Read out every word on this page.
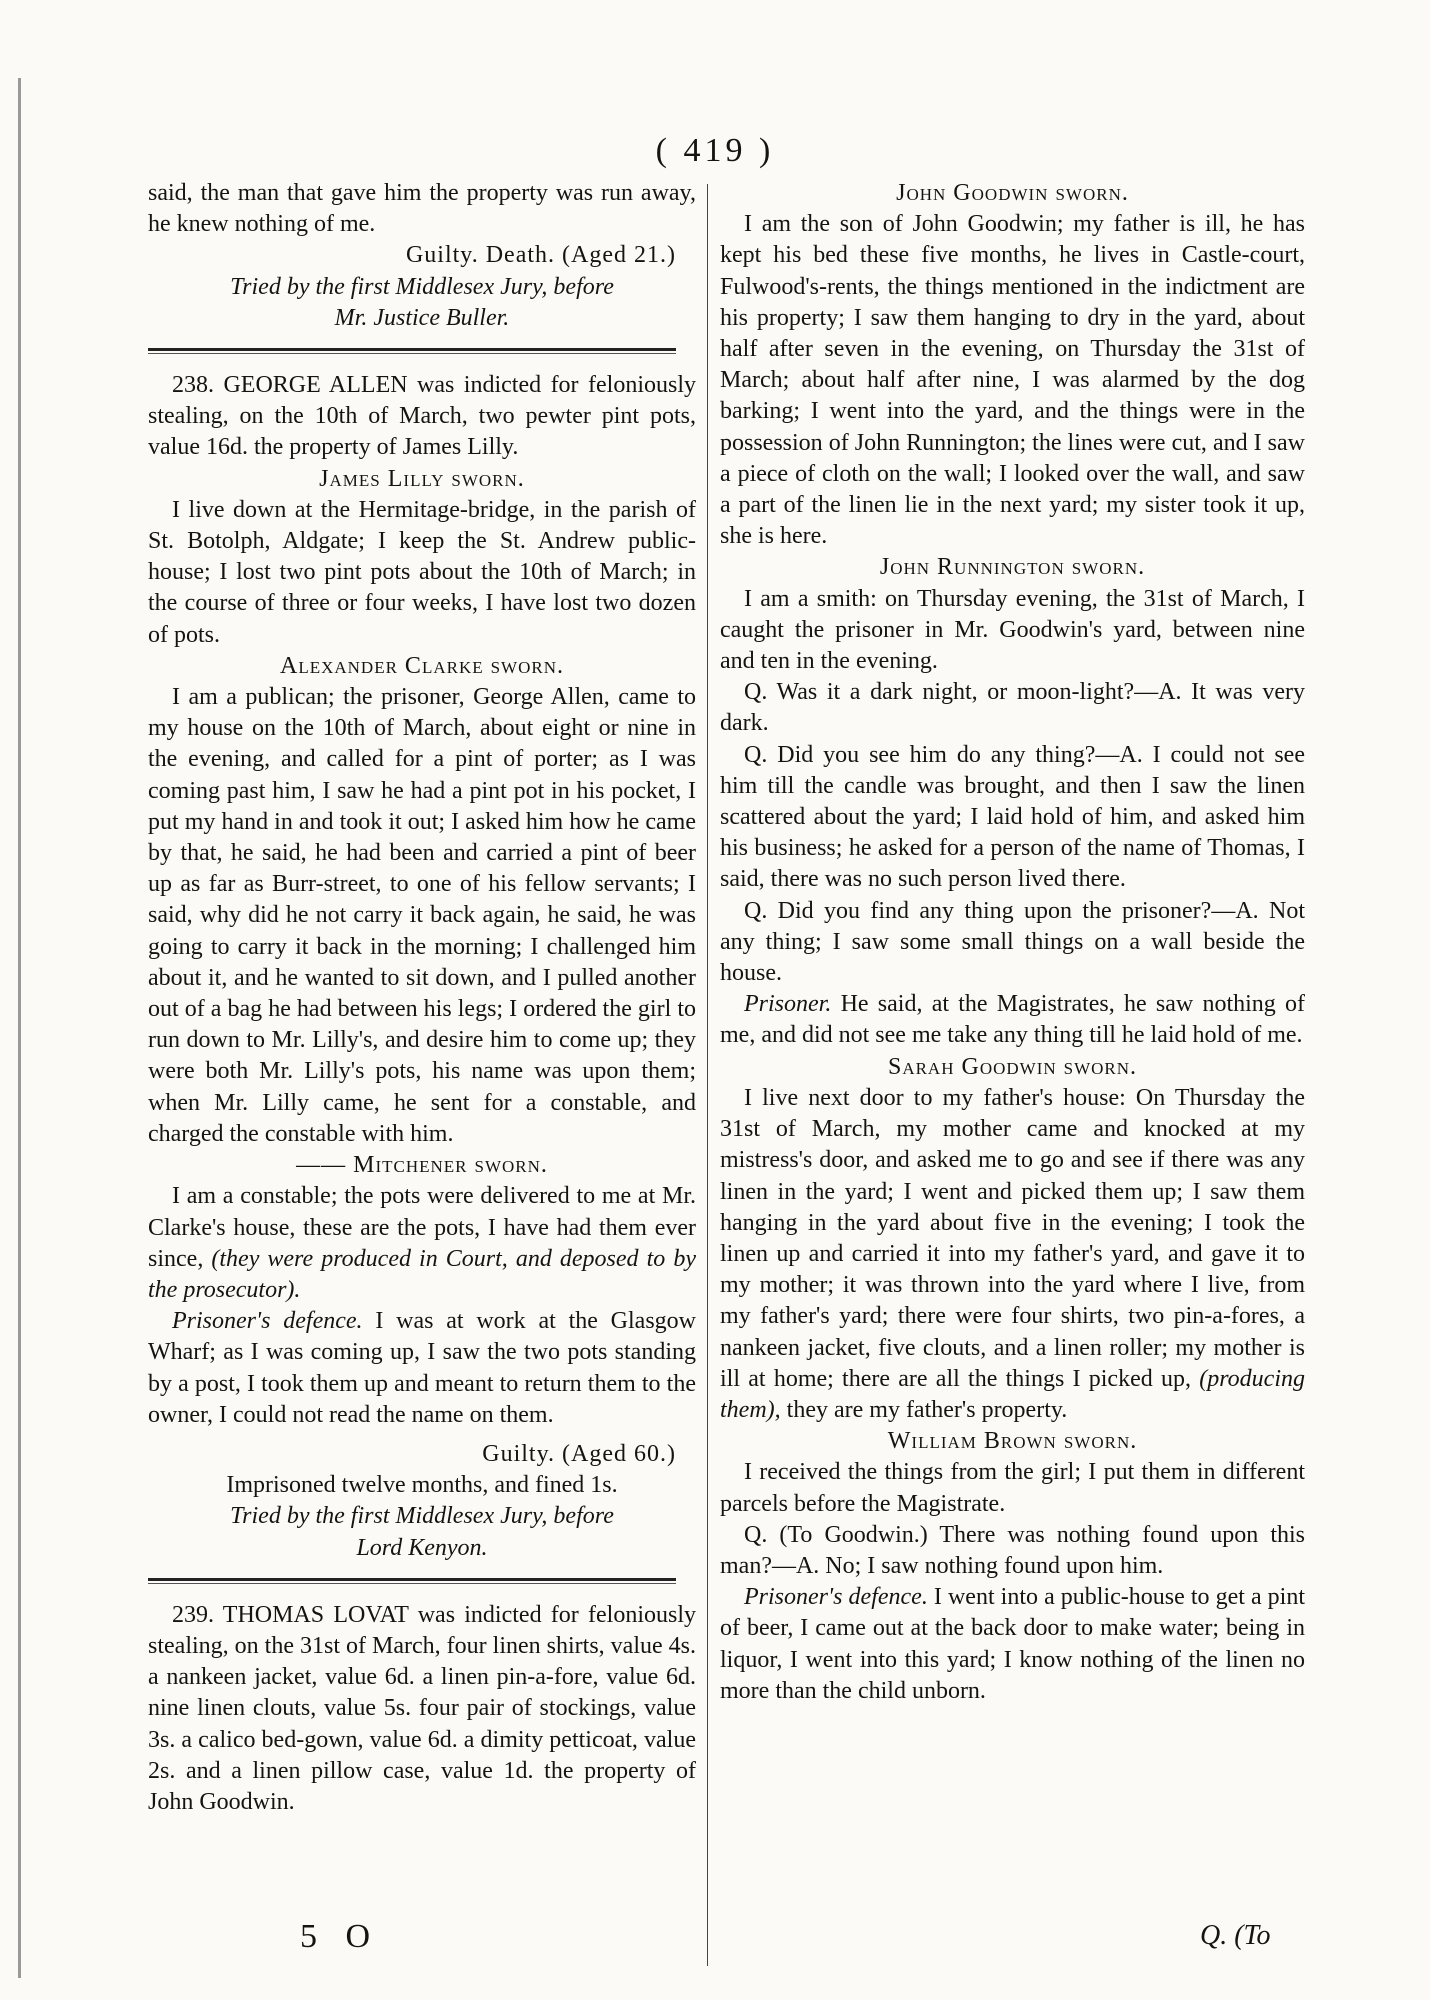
( 419 )

said, the man that gave him the property was run away, he knew nothing of me.

Guilty. Death. (Aged 21.)

Tried by the first Middlesex Jury, before

Mr. Justice Buller.

238. GEORGE ALLEN was indicted for feloniously stealing, on the 10th of March, two pewter pint pots, value 16d. the property of James Lilly.

James Lilly sworn.

I live down at the Hermitage-bridge, in the parish of St. Botolph, Aldgate; I keep the St. Andrew public-house; I lost two pint pots about the 10th of March; in the course of three or four weeks, I have lost two dozen of pots.

Alexander Clarke sworn.

I am a publican; the prisoner, George Allen, came to my house on the 10th of March, about eight or nine in the evening, and called for a pint of porter; as I was coming past him, I saw he had a pint pot in his pocket, I put my hand in and took it out; I asked him how he came by that, he said, he had been and carried a pint of beer up as far as Burr-street, to one of his fellow servants; I said, why did he not carry it back again, he said, he was going to carry it back in the morning; I challenged him about it, and he wanted to sit down, and I pulled another out of a bag he had between his legs; I ordered the girl to run down to Mr. Lilly's, and desire him to come up; they were both Mr. Lilly's pots, his name was upon them; when Mr. Lilly came, he sent for a constable, and charged the constable with him.

—— Mitchener sworn.

I am a constable; the pots were delivered to me at Mr. Clarke's house, these are the pots, I have had them ever since, (they were produced in Court, and deposed to by the prosecutor).

Prisoner's defence. I was at work at the Glasgow Wharf; as I was coming up, I saw the two pots standing by a post, I took them up and meant to return them to the owner, I could not read the name on them.

Guilty. (Aged 60.)

Imprisoned twelve months, and fined 1s.

Tried by the first Middlesex Jury, before

Lord Kenyon.

239. THOMAS LOVAT was indicted for feloniously stealing, on the 31st of March, four linen shirts, value 4s. a nankeen jacket, value 6d. a linen pin-a-fore, value 6d. nine linen clouts, value 5s. four pair of stockings, value 3s. a calico bed-gown, value 6d. a dimity petticoat, value 2s. and a linen pillow case, value 1d. the property of John Goodwin.

John Goodwin sworn.

I am the son of John Goodwin; my father is ill, he has kept his bed these five months, he lives in Castle-court, Fulwood's-rents, the things mentioned in the indictment are his property; I saw them hanging to dry in the yard, about half after seven in the evening, on Thursday the 31st of March; about half after nine, I was alarmed by the dog barking; I went into the yard, and the things were in the possession of John Runnington; the lines were cut, and I saw a piece of cloth on the wall; I looked over the wall, and saw a part of the linen lie in the next yard; my sister took it up, she is here.

John Runnington sworn.

I am a smith: on Thursday evening, the 31st of March, I caught the prisoner in Mr. Goodwin's yard, between nine and ten in the evening.

Q. Was it a dark night, or moon-light?—A. It was very dark.

Q. Did you see him do any thing?—A. I could not see him till the candle was brought, and then I saw the linen scattered about the yard; I laid hold of him, and asked him his business; he asked for a person of the name of Thomas, I said, there was no such person lived there.

Q. Did you find any thing upon the prisoner?—A. Not any thing; I saw some small things on a wall beside the house.

Prisoner. He said, at the Magistrates, he saw nothing of me, and did not see me take any thing till he laid hold of me.

Sarah Goodwin sworn.

I live next door to my father's house: On Thursday the 31st of March, my mother came and knocked at my mistress's door, and asked me to go and see if there was any linen in the yard; I went and picked them up; I saw them hanging in the yard about five in the evening; I took the linen up and carried it into my father's yard, and gave it to my mother; it was thrown into the yard where I live, from my father's yard; there were four shirts, two pin-a-fores, a nankeen jacket, five clouts, and a linen roller; my mother is ill at home; there are all the things I picked up, (producing them), they are my father's property.

William Brown sworn.

I received the things from the girl; I put them in different parcels before the Magistrate.

Q. (To Goodwin.) There was nothing found upon this man?—A. No; I saw nothing found upon him.

Prisoner's defence. I went into a public-house to get a pint of beer, I came out at the back door to make water; being in liquor, I went into this yard; I know nothing of the linen no more than the child unborn.

5 O	Q. (To
